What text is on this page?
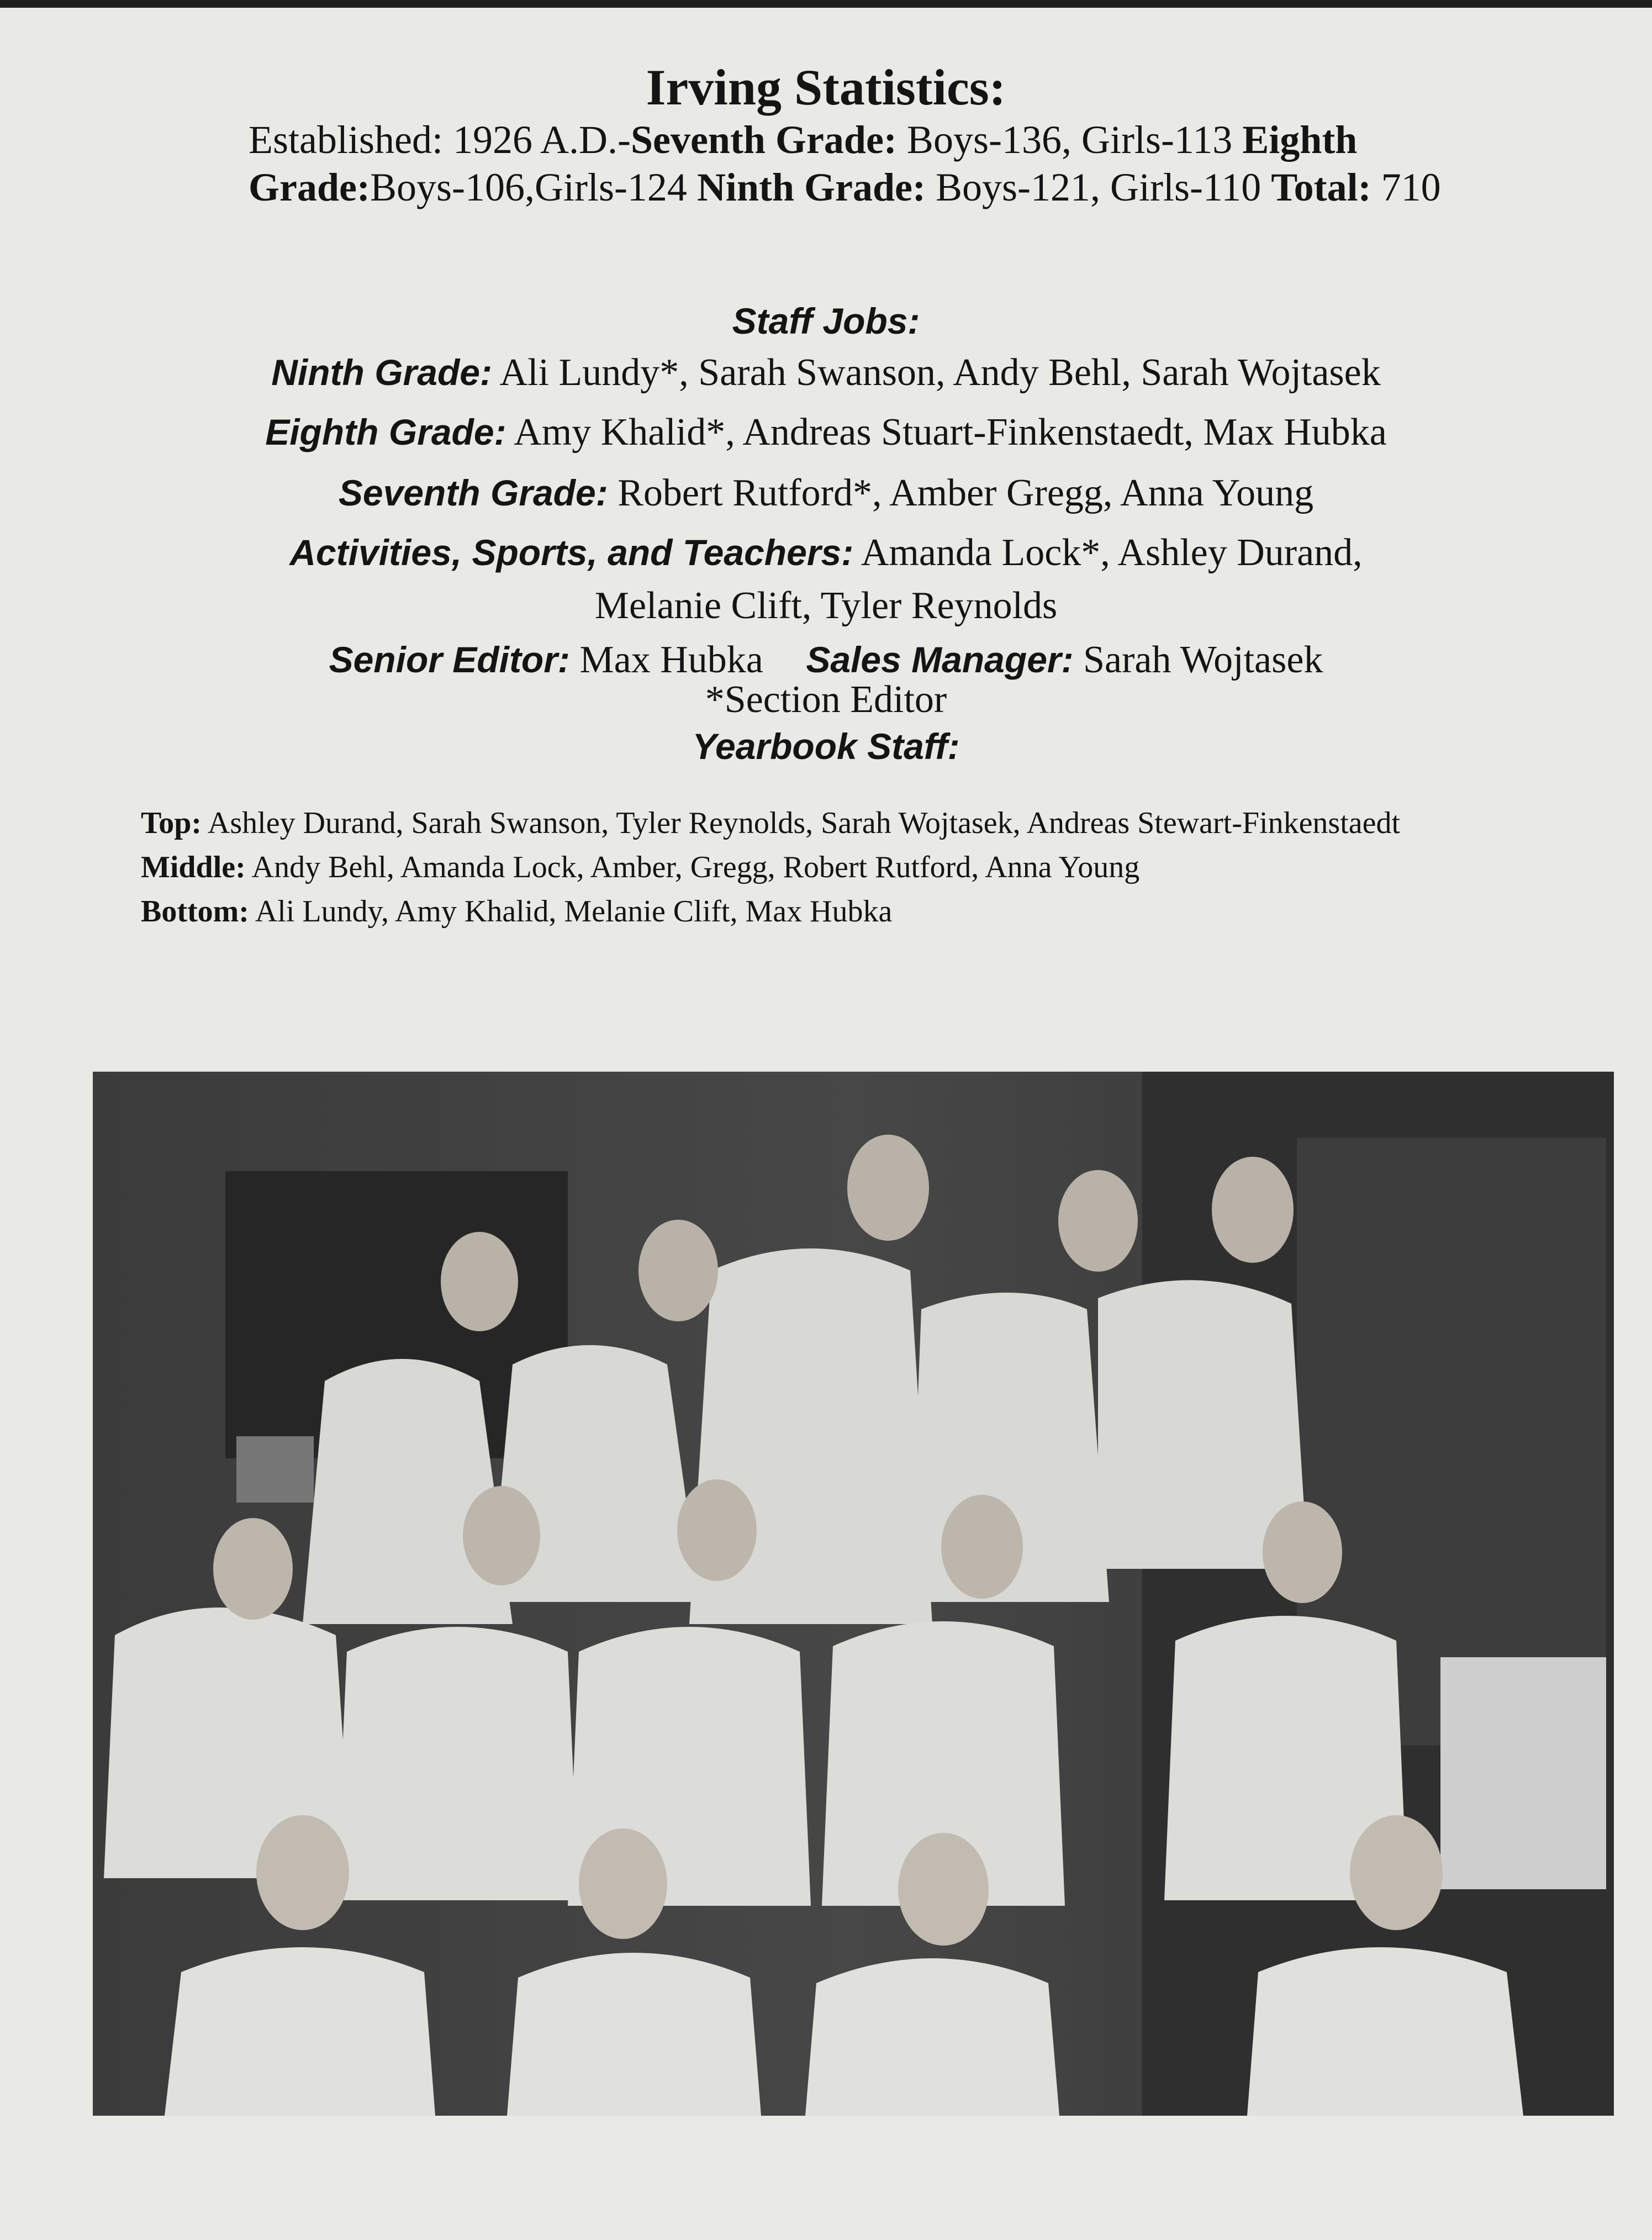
Irving Statistics:
Established: 1926 A.D.-Seventh Grade: Boys-136, Girls-113 Eighth Grade:Boys-106,Girls-124 Ninth Grade: Boys-121, Girls-110 Total: 710
Staff Jobs:
Ninth Grade: Ali Lundy*, Sarah Swanson, Andy Behl, Sarah Wojtasek
Eighth Grade: Amy Khalid*, Andreas Stuart-Finkenstaedt, Max Hubka
Seventh Grade: Robert Rutford*, Amber Gregg, Anna Young
Activities, Sports, and Teachers: Amanda Lock*, Ashley Durand,
Melanie Clift, Tyler Reynolds
Senior Editor: Max Hubka Sales Manager: Sarah Wojtasek
*Section Editor
Yearbook Staff:
Top: Ashley Durand, Sarah Swanson, Tyler Reynolds, Sarah Wojtasek, Andreas Stewart-Finkenstaedt
Middle: Andy Behl, Amanda Lock, Amber, Gregg, Robert Rutford, Anna Young
Bottom: Ali Lundy, Amy Khalid, Melanie Clift, Max Hubka
